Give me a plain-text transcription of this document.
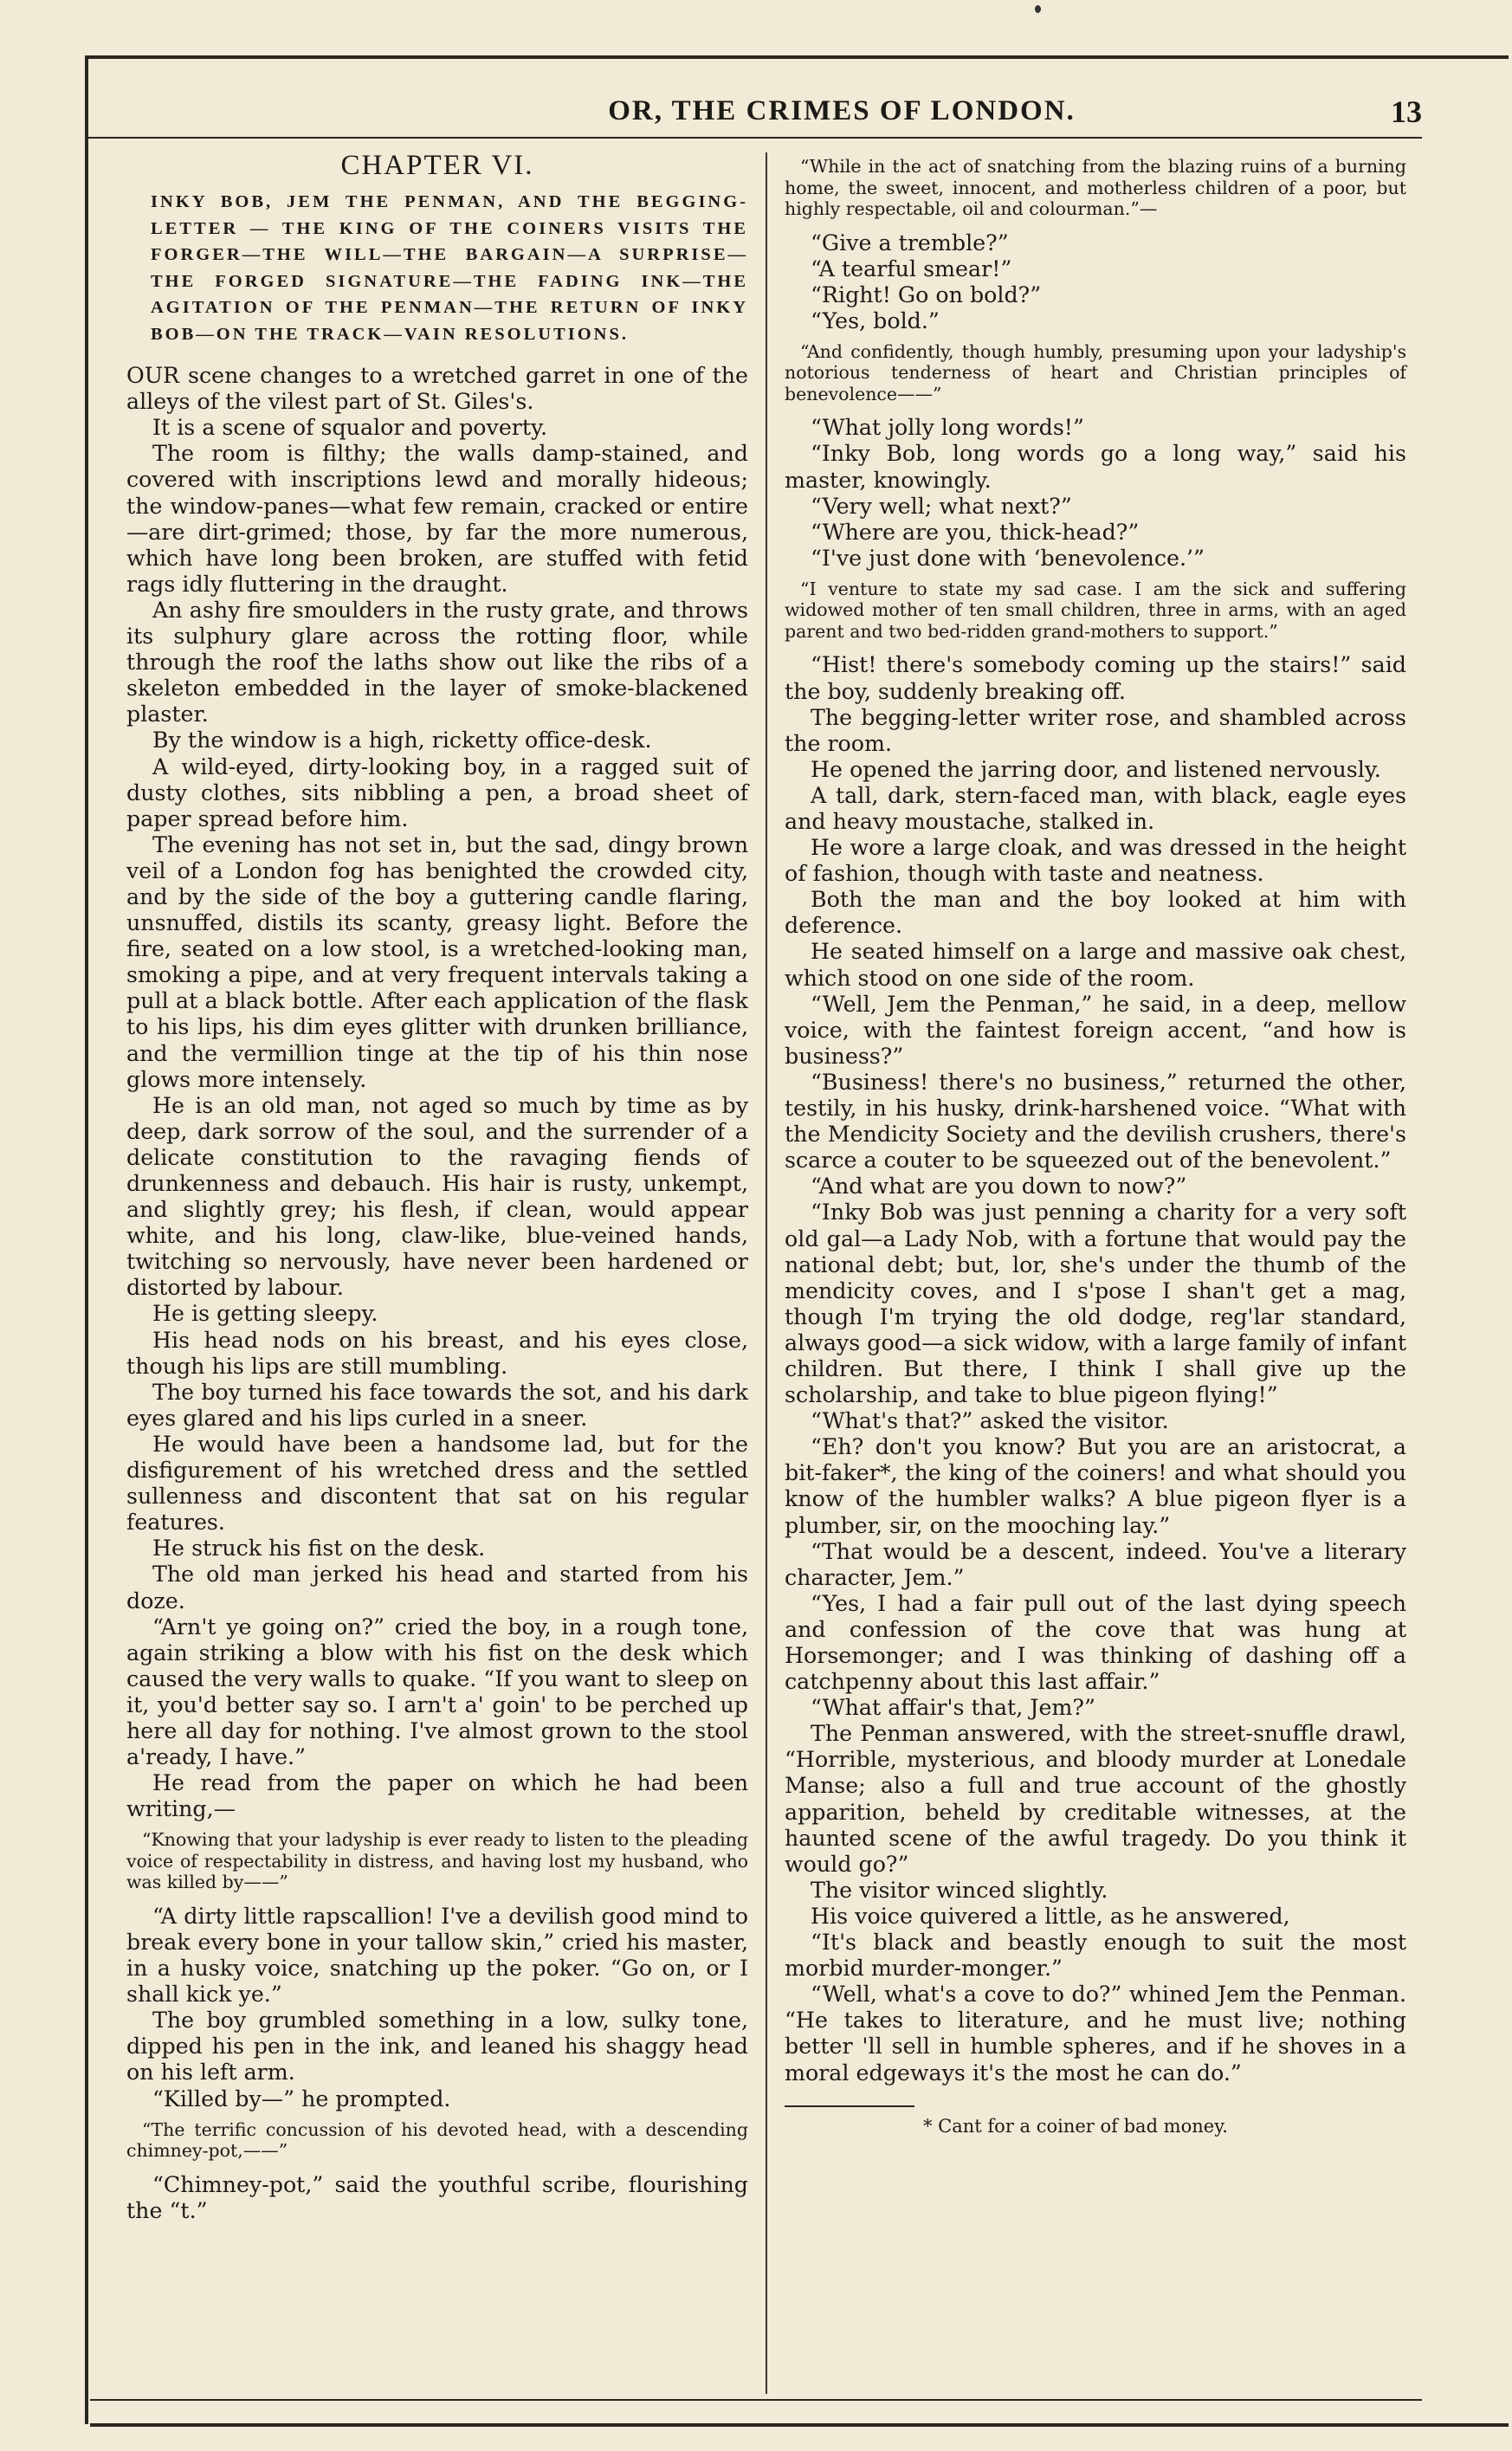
OR, THE CRIMES OF LONDON.	13
CHAPTER VI.
INKY BOB, JEM THE PENMAN, AND THE BEGGING-LETTER — THE KING OF THE COINERS VISITS THE FORGER—THE WILL—THE BARGAIN—A SURPRISE—THE FORGED SIGNATURE—THE FADING INK—THE AGITATION OF THE PENMAN—THE RETURN OF INKY BOB—ON THE TRACK—VAIN RESOLUTIONS.

OUR scene changes to a wretched garret in one of the alleys of the vilest part of St. Giles's.

It is a scene of squalor and poverty.

The room is filthy; the walls damp-stained, and covered with inscriptions lewd and morally hideous; the window-panes—what few remain, cracked or entire—are dirt-grimed; those, by far the more numerous, which have long been broken, are stuffed with fetid rags idly fluttering in the draught.

An ashy fire smoulders in the rusty grate, and throws its sulphury glare across the rotting floor, while through the roof the laths show out like the ribs of a skeleton embedded in the layer of smoke-blackened plaster.

By the window is a high, ricketty office-desk.

A wild-eyed, dirty-looking boy, in a ragged suit of dusty clothes, sits nibbling a pen, a broad sheet of paper spread before him.

The evening has not set in, but the sad, dingy brown veil of a London fog has benighted the crowded city, and by the side of the boy a guttering candle flaring, unsnuffed, distils its scanty, greasy light. Before the fire, seated on a low stool, is a wretched-looking man, smoking a pipe, and at very frequent intervals taking a pull at a black bottle. After each application of the flask to his lips, his dim eyes glitter with drunken brilliance, and the vermillion tinge at the tip of his thin nose glows more intensely.

He is an old man, not aged so much by time as by deep, dark sorrow of the soul, and the surrender of a delicate constitution to the ravaging fiends of drunkenness and debauch. His hair is rusty, unkempt, and slightly grey; his flesh, if clean, would appear white, and his long, claw-like, blue-veined hands, twitching so nervously, have never been hardened or distorted by labour.

He is getting sleepy.

His head nods on his breast, and his eyes close, though his lips are still mumbling.

The boy turned his face towards the sot, and his dark eyes glared and his lips curled in a sneer.

He would have been a handsome lad, but for the disfigurement of his wretched dress and the settled sullenness and discontent that sat on his regular features.

He struck his fist on the desk.

The old man jerked his head and started from his doze.

“Arn't ye going on?” cried the boy, in a rough tone, again striking a blow with his fist on the desk which caused the very walls to quake. “If you want to sleep on it, you'd better say so. I arn't a' goin' to be perched up here all day for nothing. I've almost grown to the stool a'ready, I have.”

He read from the paper on which he had been writing,—

“Knowing that your ladyship is ever ready to listen to the pleading voice of respectability in distress, and having lost my husband, who was killed by——”

“A dirty little rapscallion! I've a devilish good mind to break every bone in your tallow skin,” cried his master, in a husky voice, snatching up the poker. “Go on, or I shall kick ye.”

The boy grumbled something in a low, sulky tone, dipped his pen in the ink, and leaned his shaggy head on his left arm.

“Killed by—” he prompted.

“The terrific concussion of his devoted head, with a descending chimney-pot,——”

“Chimney-pot,” said the youthful scribe, flourishing the “t.”

“While in the act of snatching from the blazing ruins of a burning home, the sweet, innocent, and motherless children of a poor, but highly respectable, oil and colourman.”—

“Give a tremble?”

“A tearful smear!”

“Right! Go on bold?”

“Yes, bold.”

“And confidently, though humbly, presuming upon your ladyship's notorious tenderness of heart and Christian principles of benevolence——”

“What jolly long words!”

“Inky Bob, long words go a long way,” said his master, knowingly.

“Very well; what next?”

“Where are you, thick-head?”

“I've just done with ‘benevolence.’”

“I venture to state my sad case. I am the sick and suffering widowed mother of ten small children, three in arms, with an aged parent and two bed-ridden grand-mothers to support.”

“Hist! there's somebody coming up the stairs!” said the boy, suddenly breaking off.

The begging-letter writer rose, and shambled across the room.

He opened the jarring door, and listened nervously.

A tall, dark, stern-faced man, with black, eagle eyes and heavy moustache, stalked in.

He wore a large cloak, and was dressed in the height of fashion, though with taste and neatness.

Both the man and the boy looked at him with deference.

He seated himself on a large and massive oak chest, which stood on one side of the room.

“Well, Jem the Penman,” he said, in a deep, mellow voice, with the faintest foreign accent, “and how is business?”

“Business! there's no business,” returned the other, testily, in his husky, drink-harshened voice. “What with the Mendicity Society and the devilish crushers, there's scarce a couter to be squeezed out of the benevolent.”

“And what are you down to now?”

“Inky Bob was just penning a charity for a very soft old gal—a Lady Nob, with a fortune that would pay the national debt; but, lor, she's under the thumb of the mendicity coves, and I s'pose I shan't get a mag, though I'm trying the old dodge, reg'lar standard, always good—a sick widow, with a large family of infant children. But there, I think I shall give up the scholarship, and take to blue pigeon flying!”

“What's that?” asked the visitor.

“Eh? don't you know? But you are an aristocrat, a bit-faker*, the king of the coiners! and what should you know of the humbler walks? A blue pigeon flyer is a plumber, sir, on the mooching lay.”

“That would be a descent, indeed. You've a literary character, Jem.”

“Yes, I had a fair pull out of the last dying speech and confession of the cove that was hung at Horsemonger; and I was thinking of dashing off a catchpenny about this last affair.”

“What affair's that, Jem?”

The Penman answered, with the street-snuffle drawl, “Horrible, mysterious, and bloody murder at Lonedale Manse; also a full and true account of the ghostly apparition, beheld by creditable witnesses, at the haunted scene of the awful tragedy. Do you think it would go?”

The visitor winced slightly.

His voice quivered a little, as he answered,

“It's black and beastly enough to suit the most morbid murder-monger.”

“Well, what's a cove to do?” whined Jem the Penman. “He takes to literature, and he must live; nothing better 'll sell in humble spheres, and if he shoves in a moral edgeways it's the most he can do.”

* Cant for a coiner of bad money.
